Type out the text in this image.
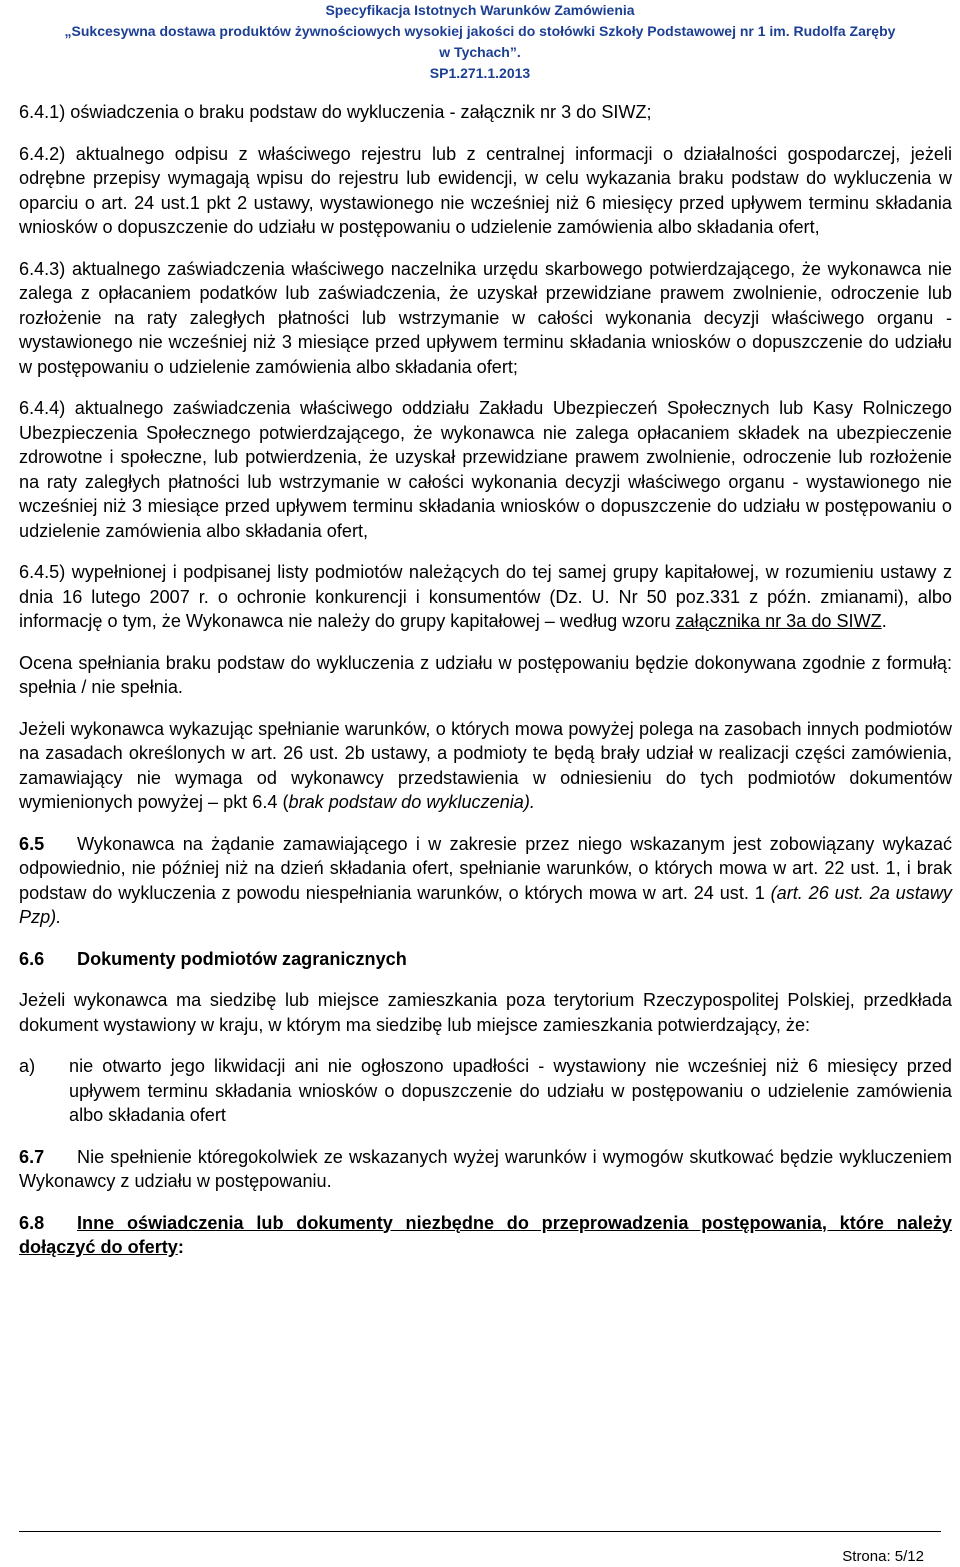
Specyfikacja Istotnych Warunków Zamówienia
„Sukcesywna dostawa produktów żywnościowych wysokiej jakości do stołówki Szkoły Podstawowej nr 1 im. Rudolfa Zaręby
w Tychach”.
SP1.271.1.2013

6.4.1) oświadczenia o braku podstaw do wykluczenia - załącznik nr 3 do SIWZ;

6.4.2) aktualnego odpisu z właściwego rejestru lub z centralnej informacji o działalności gospodarczej, jeżeli odrębne przepisy wymagają wpisu do rejestru lub ewidencji, w celu wykazania braku podstaw do wykluczenia w oparciu o art. 24 ust.1 pkt 2 ustawy, wystawionego nie wcześniej niż 6 miesięcy przed upływem terminu składania wniosków o dopuszczenie do udziału w postępowaniu o udzielenie zamówienia albo składania ofert,

6.4.3) aktualnego zaświadczenia właściwego naczelnika urzędu skarbowego potwierdzającego, że wykonawca nie zalega z opłacaniem podatków lub zaświadczenia, że uzyskał przewidziane prawem zwolnienie, odroczenie lub rozłożenie na raty zaległych płatności lub wstrzymanie w całości wykonania decyzji właściwego organu - wystawionego nie wcześniej niż 3 miesiące przed upływem terminu składania wniosków o dopuszczenie do udziału w postępowaniu o udzielenie zamówienia albo składania ofert;

6.4.4) aktualnego zaświadczenia właściwego oddziału Zakładu Ubezpieczeń Społecznych lub Kasy Rolniczego Ubezpieczenia Społecznego potwierdzającego, że wykonawca nie zalega opłacaniem składek na ubezpieczenie zdrowotne i społeczne, lub potwierdzenia, że uzyskał przewidziane prawem zwolnienie, odroczenie lub rozłożenie na raty zaległych płatności lub wstrzymanie w całości wykonania decyzji właściwego organu - wystawionego nie wcześniej niż 3 miesiące przed upływem terminu składania wniosków o dopuszczenie do udziału w postępowaniu o udzielenie zamówienia albo składania ofert,

6.4.5) wypełnionej i podpisanej listy podmiotów należących do tej samej grupy kapitałowej, w rozumieniu ustawy z dnia 16 lutego 2007 r. o ochronie konkurencji i konsumentów (Dz. U. Nr 50 poz.331 z późn. zmianami), albo informację o tym, że Wykonawca nie należy do grupy kapitałowej – według wzoru załącznika nr 3a do SIWZ.

Ocena spełniania braku podstaw do wykluczenia z udziału w postępowaniu będzie dokonywana zgodnie z formułą: spełnia / nie spełnia.

Jeżeli wykonawca wykazując spełnianie warunków, o których mowa powyżej polega na zasobach innych podmiotów na zasadach określonych w art. 26 ust. 2b ustawy, a podmioty te będą brały udział w realizacji części zamówienia, zamawiający nie wymaga od wykonawcy przedstawienia w odniesieniu do tych podmiotów dokumentów wymienionych powyżej – pkt 6.4 (brak podstaw do wykluczenia).

6.5 Wykonawca na żądanie zamawiającego i w zakresie przez niego wskazanym jest zobowiązany wykazać odpowiednio, nie później niż na dzień składania ofert, spełnianie warunków, o których mowa w art. 22 ust. 1, i brak podstaw do wykluczenia z powodu niespełniania warunków, o których mowa w art. 24 ust. 1 (art. 26 ust. 2a ustawy Pzp).

6.6 Dokumenty podmiotów zagranicznych

Jeżeli wykonawca ma siedzibę lub miejsce zamieszkania poza terytorium Rzeczypospolitej Polskiej, przedkłada dokument wystawiony w kraju, w którym ma siedzibę lub miejsce zamieszkania potwierdzający, że:

a)	nie otwarto jego likwidacji ani nie ogłoszono upadłości - wystawiony nie wcześniej niż 6 miesięcy przed upływem terminu składania wniosków o dopuszczenie do udziału w postępowaniu o udzielenie zamówienia albo składania ofert

6.7 Nie spełnienie któregokolwiek ze wskazanych wyżej warunków i wymogów skutkować będzie wykluczeniem Wykonawcy z udziału w postępowaniu.

6.8 Inne oświadczenia lub dokumenty niezbędne do przeprowadzenia postępowania, które należy dołączyć do oferty:

Strona: 5/12
